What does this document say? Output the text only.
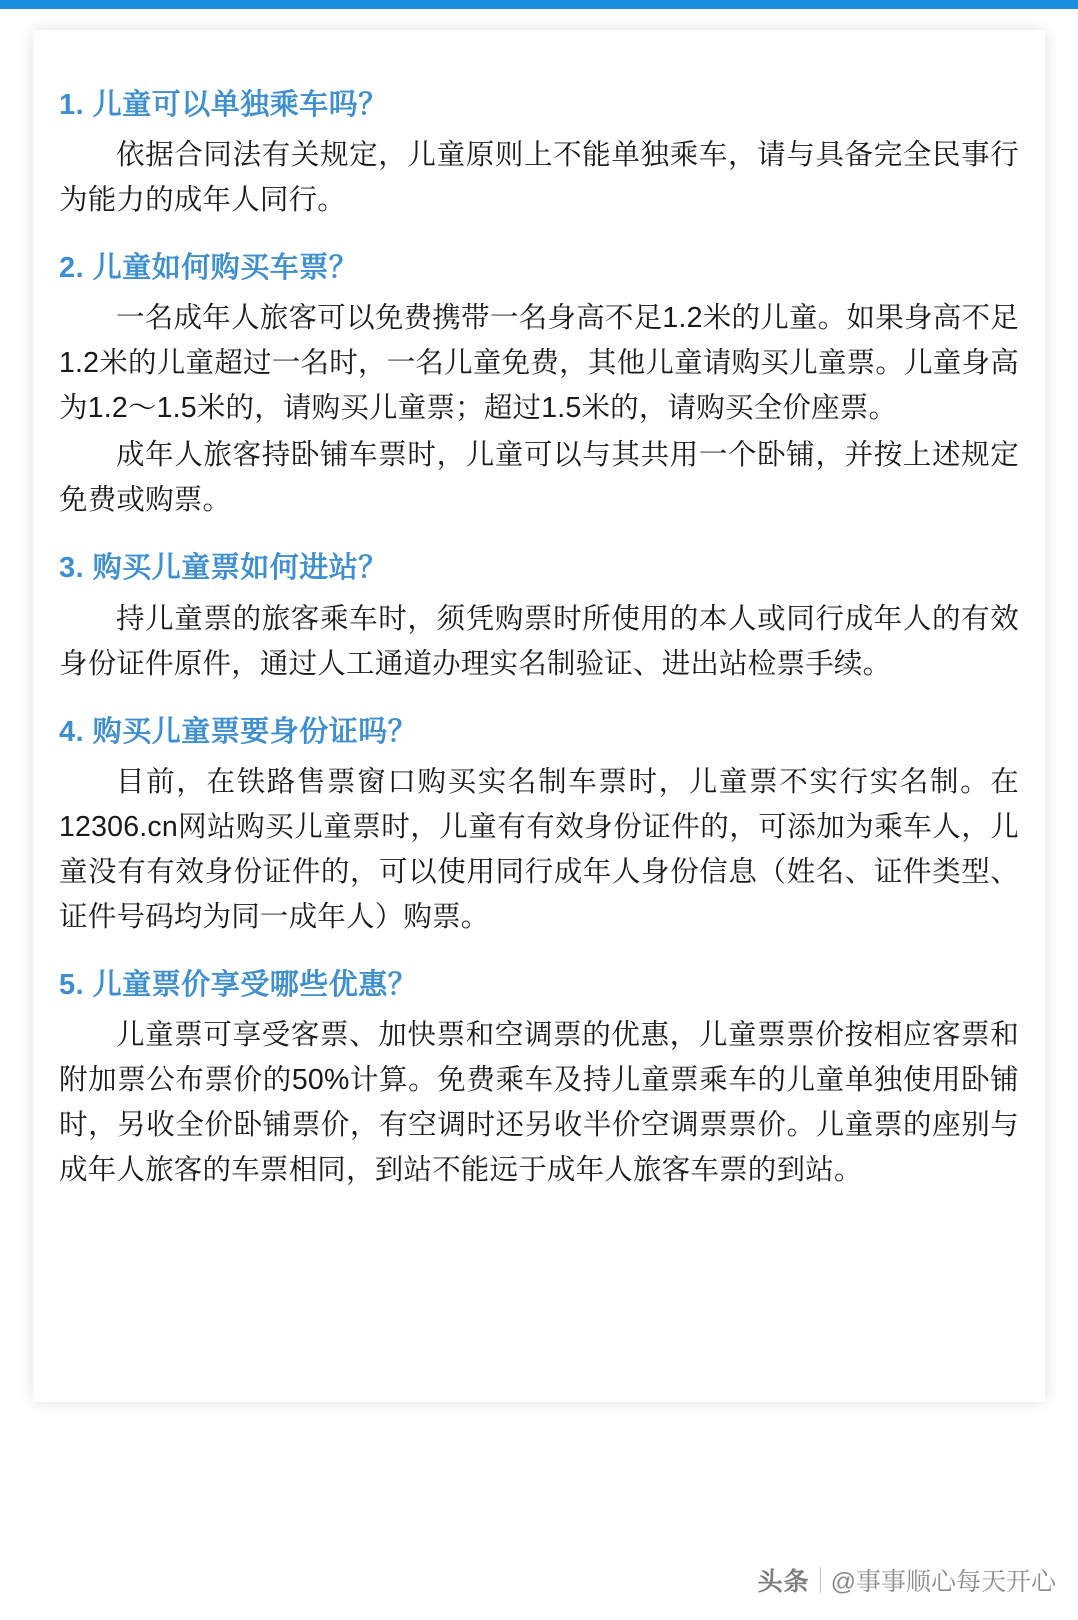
1. 儿童可以单独乘车吗？

依据合同法有关规定，儿童原则上不能单独乘车，请与具备完全民事行为能力的成年人同行。

2. 儿童如何购买车票？

一名成年人旅客可以免费携带一名身高不足1.2米的儿童。如果身高不足1.2米的儿童超过一名时，一名儿童免费，其他儿童请购买儿童票。儿童身高为1.2～1.5米的，请购买儿童票；超过1.5米的，请购买全价座票。

成年人旅客持卧铺车票时，儿童可以与其共用一个卧铺，并按上述规定免费或购票。

3. 购买儿童票如何进站？

持儿童票的旅客乘车时，须凭购票时所使用的本人或同行成年人的有效身份证件原件，通过人工通道办理实名制验证、进出站检票手续。

4. 购买儿童票要身份证吗？

目前，在铁路售票窗口购买实名制车票时，儿童票不实行实名制。在12306.cn网站购买儿童票时，儿童有有效身份证件的，可添加为乘车人，儿童没有有效身份证件的，可以使用同行成年人身份信息（姓名、证件类型、证件号码均为同一成年人）购票。

5. 儿童票价享受哪些优惠？

儿童票可享受客票、加快票和空调票的优惠，儿童票票价按相应客票和附加票公布票价的50%计算。免费乘车及持儿童票乘车的儿童单独使用卧铺时，另收全价卧铺票价，有空调时还另收半价空调票票价。儿童票的座别与成年人旅客的车票相同，到站不能远于成年人旅客车票的到站。

头条 @事事顺心每天开心
